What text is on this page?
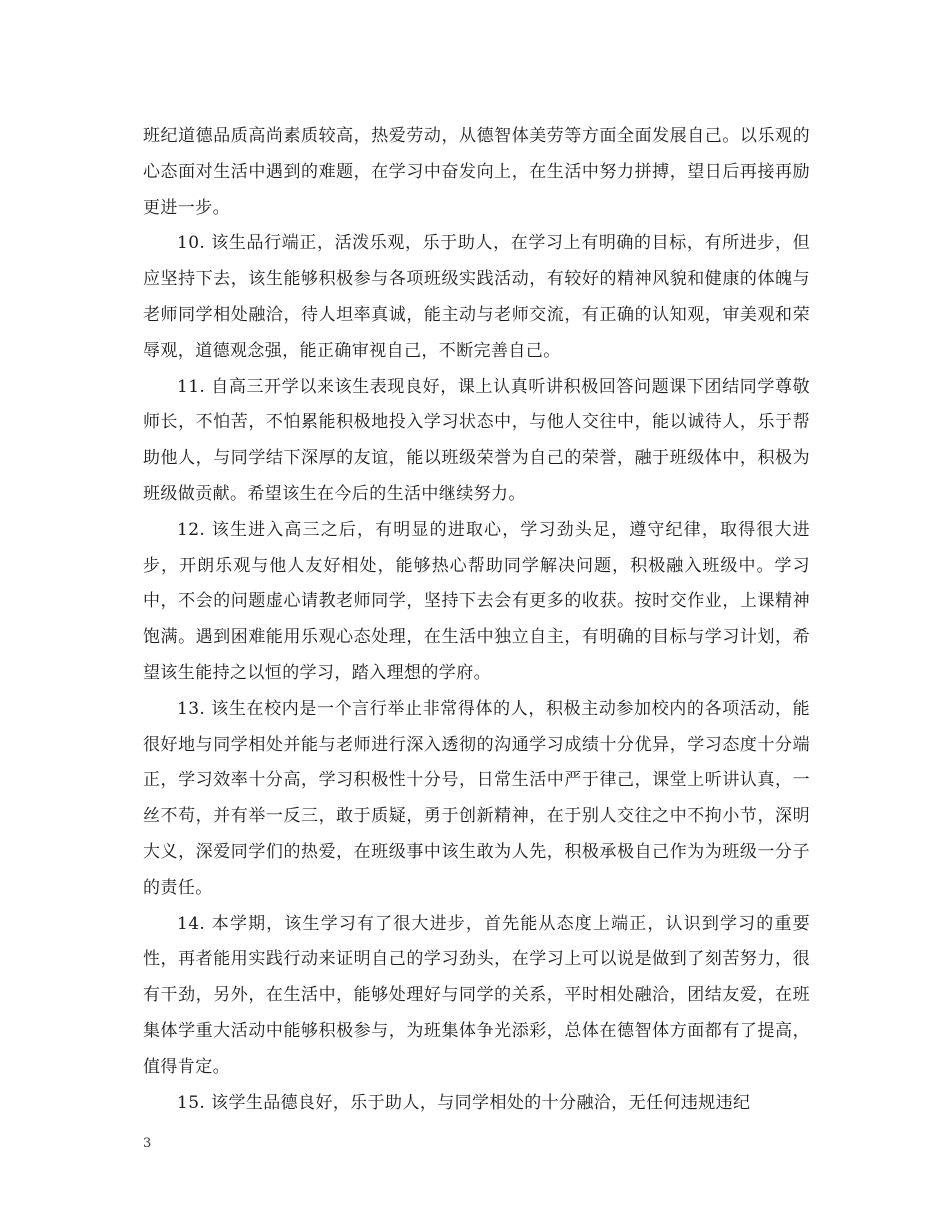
班纪道德品质高尚素质较高，热爱劳动，从德智体美劳等方面全面发展自己。以乐观的心态面对生活中遇到的难题，在学习中奋发向上，在生活中努力拼搏，望日后再接再励更进一步。

10. 该生品行端正，活泼乐观，乐于助人，在学习上有明确的目标，有所进步，但应坚持下去，该生能够积极参与各项班级实践活动，有较好的精神风貌和健康的体魄与老师同学相处融洽，待人坦率真诚，能主动与老师交流，有正确的认知观，审美观和荣辱观，道德观念强，能正确审视自己，不断完善自己。

11. 自高三开学以来该生表现良好，课上认真听讲积极回答问题课下团结同学尊敬师长，不怕苦，不怕累能积极地投入学习状态中，与他人交往中，能以诚待人，乐于帮助他人，与同学结下深厚的友谊，能以班级荣誉为自己的荣誉，融于班级体中，积极为班级做贡献。希望该生在今后的生活中继续努力。

12. 该生进入高三之后，有明显的进取心，学习劲头足，遵守纪律，取得很大进步，开朗乐观与他人友好相处，能够热心帮助同学解决问题，积极融入班级中。学习中，不会的问题虚心请教老师同学，坚持下去会有更多的收获。按时交作业，上课精神饱满。遇到困难能用乐观心态处理，在生活中独立自主，有明确的目标与学习计划，希望该生能持之以恒的学习，踏入理想的学府。

13. 该生在校内是一个言行举止非常得体的人，积极主动参加校内的各项活动，能很好地与同学相处并能与老师进行深入透彻的沟通学习成绩十分优异，学习态度十分端正，学习效率十分高，学习积极性十分号，日常生活中严于律己，课堂上听讲认真，一丝不苟，并有举一反三，敢于质疑，勇于创新精神，在于别人交往之中不拘小节，深明大义，深爱同学们的热爱，在班级事中该生敢为人先，积极承极自己作为为班级一分子的责任。

14. 本学期，该生学习有了很大进步，首先能从态度上端正，认识到学习的重要性，再者能用实践行动来证明自己的学习劲头，在学习上可以说是做到了刻苦努力，很有干劲，另外，在生活中，能够处理好与同学的关系，平时相处融洽，团结友爱，在班集体学重大活动中能够积极参与，为班集体争光添彩，总体在德智体方面都有了提高，值得肯定。

15. 该学生品德良好，乐于助人，与同学相处的十分融洽，无任何违规违纪

3
